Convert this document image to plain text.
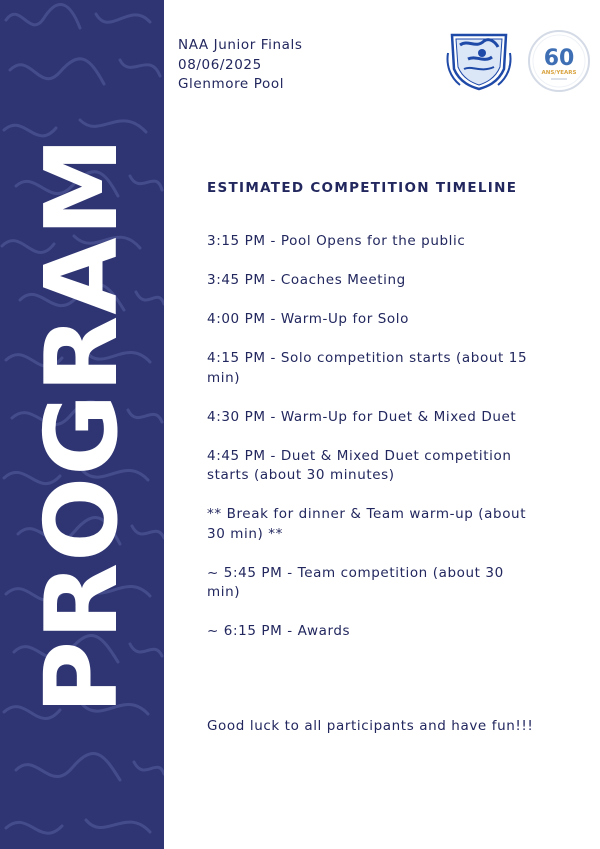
PROGRAM
NAA Junior Finals
08/06/2025
Glenmore Pool
60
ANS/YEARS
ESTIMATED COMPETITION TIMELINE
3:15 PM - Pool Opens for the public
3:45 PM - Coaches Meeting
4:00 PM - Warm-Up for Solo
4:15 PM - Solo competition starts (about 15 min)
4:30 PM - Warm-Up for Duet & Mixed Duet
4:45 PM - Duet & Mixed Duet competition starts (about 30 minutes)
** Break for dinner & Team warm-up (about 30 min) **
~ 5:45 PM - Team competition (about 30 min)
~ 6:15 PM - Awards
Good luck to all participants and have fun!!!
